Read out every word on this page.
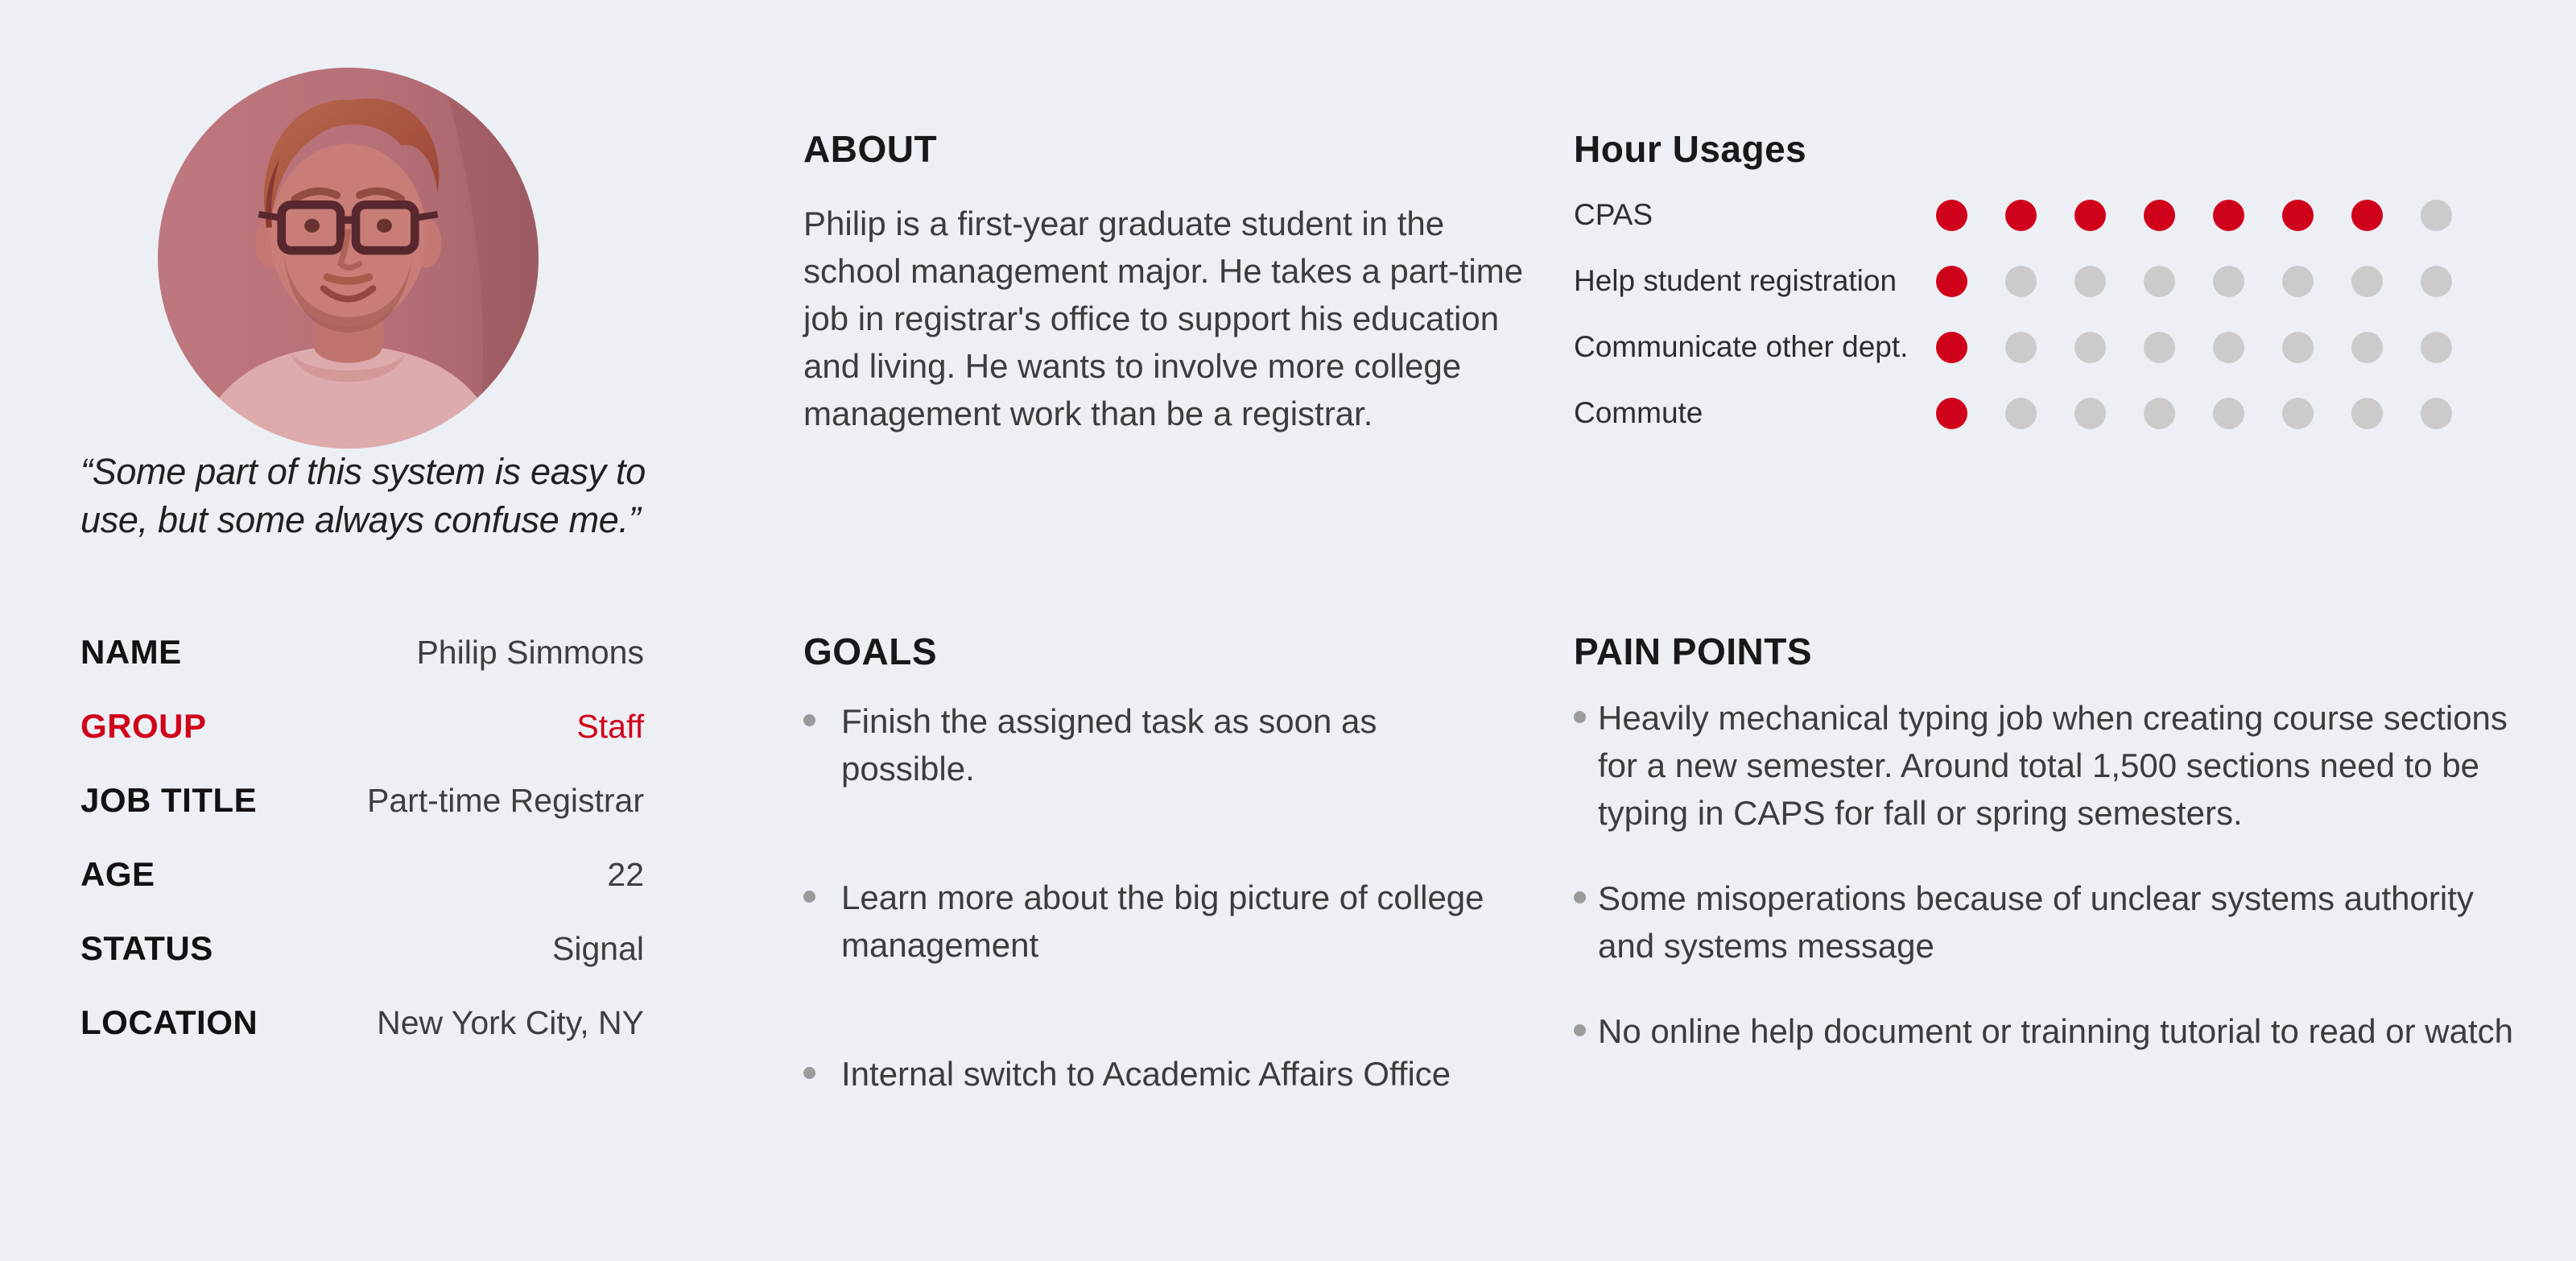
“Some part of this system is easy to use, but some always confuse me.”

NAME	Philip Simmons
GROUP	Staff
JOB TITLE	Part-time Registrar
AGE	22
STATUS	Signal
LOCATION	New York City, NY
ABOUT

Philip is a first-year graduate student in the school management major. He takes a part-time job in registrar's office to support his education and living. He wants to involve more college management work than be a registrar.

GOALS
Finish the assigned task as soon as possible.
Learn more about the big picture of college management
Internal switch to Academic Affairs Office
Hour Usages
CPAS
Help student registration
Communicate other dept.
Commute
PAIN POINTS
Heavily mechanical typing job when creating course sections for a new semester. Around total 1,500 sections need to be typing in CAPS for fall or spring semesters.
Some misoperations because of unclear systems authority and systems message
No online help document or trainning tutorial to read or watch
